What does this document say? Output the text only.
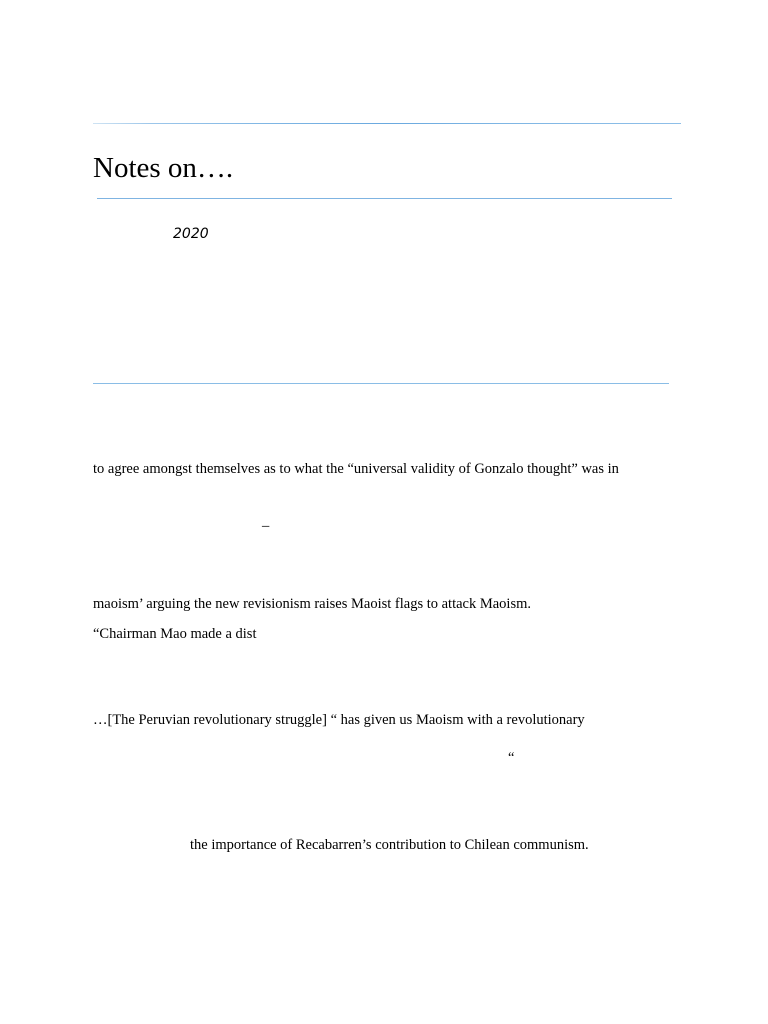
Notes on….
2020
to agree amongst themselves as to what the “universal validity of Gonzalo thought” was in
–
maoism’ arguing the new revisionism raises Maoist flags to attack Maoism.
“Chairman Mao made a dist
…[The Peruvian revolutionary struggle] “ has given us Maoism with a revolutionary
“
the importance of Recabarren’s contribution to Chilean communism.
